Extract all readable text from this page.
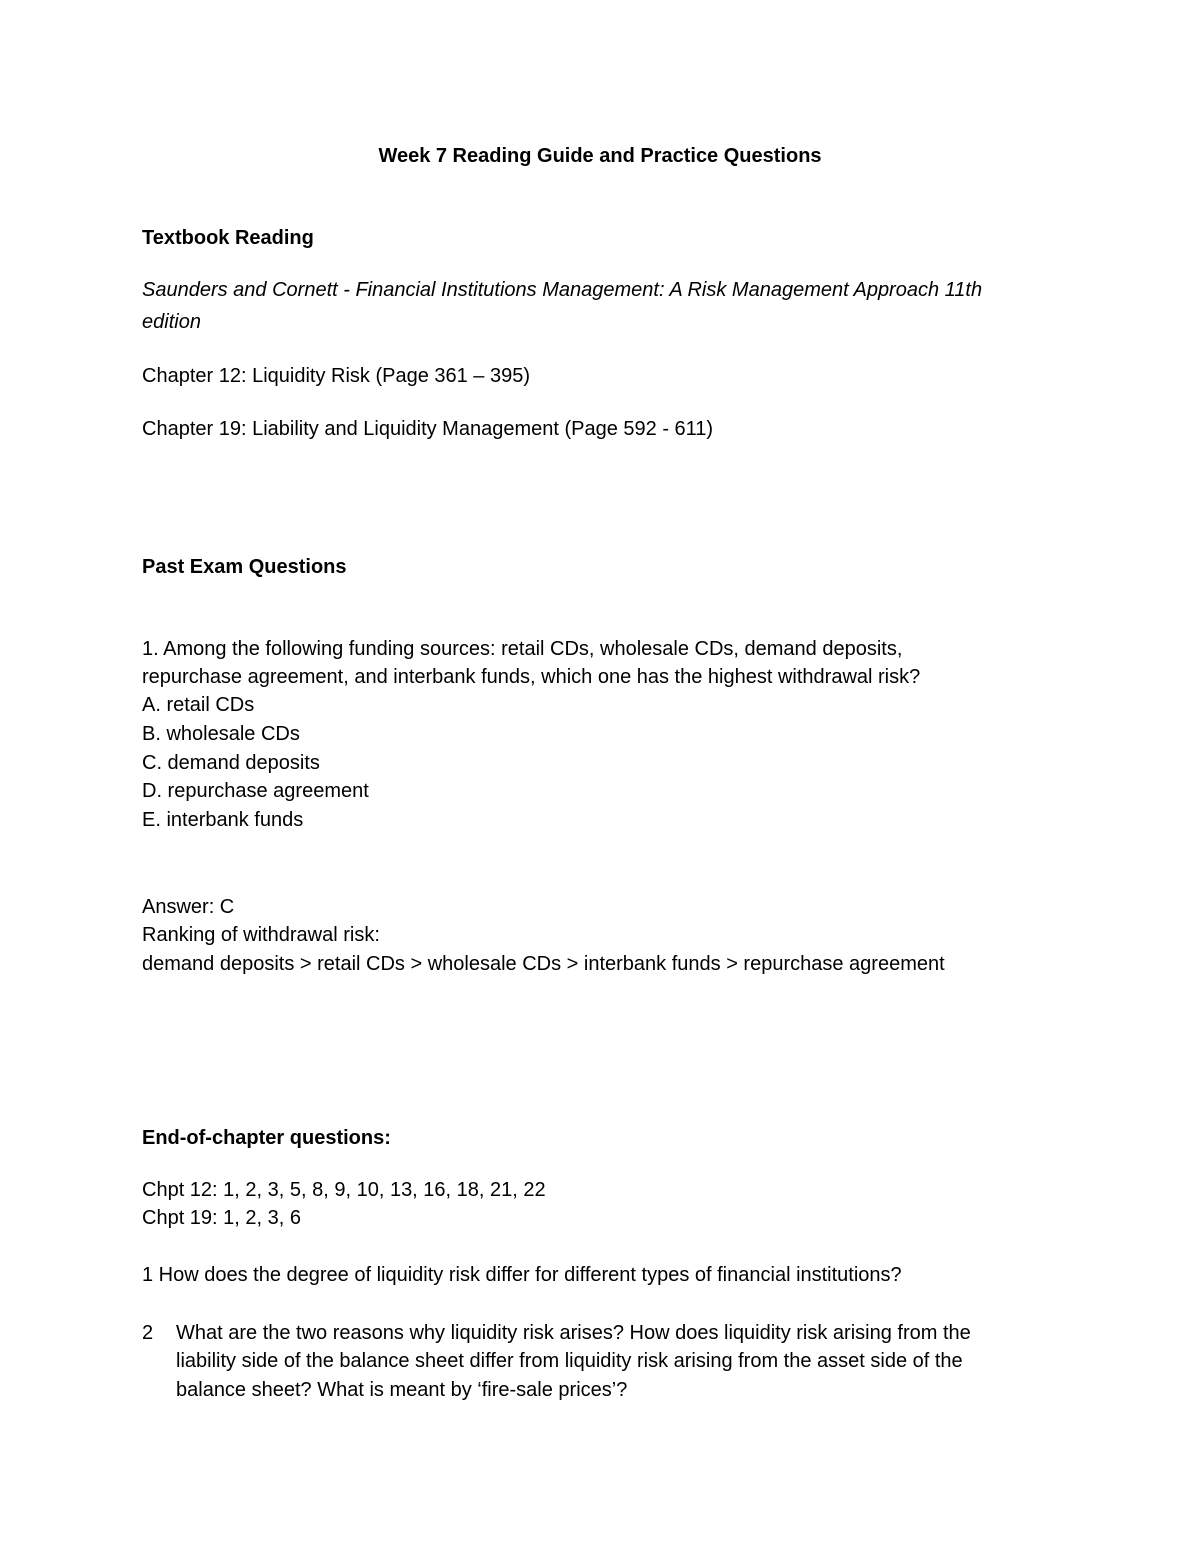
Week 7 Reading Guide and Practice Questions
Textbook Reading
Saunders and Cornett - Financial Institutions Management: A Risk Management Approach 11th
edition
Chapter 12: Liquidity Risk (Page 361 – 395)
Chapter 19: Liability and Liquidity Management (Page 592 - 611)
Past Exam Questions
1. Among the following funding sources: retail CDs, wholesale CDs, demand deposits,
repurchase agreement, and interbank funds, which one has the highest withdrawal risk?
A. retail CDs
B. wholesale CDs
C. demand deposits
D. repurchase agreement
E. interbank funds
Answer: C
Ranking of withdrawal risk:
demand deposits > retail CDs > wholesale CDs > interbank funds > repurchase agreement
End-of-chapter questions:
Chpt 12: 1, 2, 3, 5, 8, 9, 10, 13, 16, 18, 21, 22
Chpt 19: 1, 2, 3, 6
1 How does the degree of liquidity risk differ for different types of financial institutions?
2 What are the two reasons why liquidity risk arises? How does liquidity risk arising from the
liability side of the balance sheet differ from liquidity risk arising from the asset side of the
balance sheet? What is meant by ‘fire-sale prices’?
